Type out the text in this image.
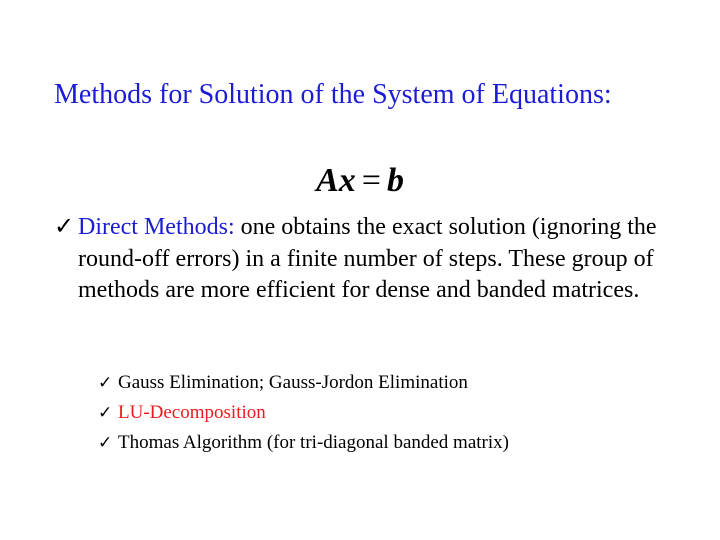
Methods for Solution of the System of Equations:
Ax = b
✓ Direct Methods: one obtains the exact solution (ignoring the round-off errors) in a finite number of steps. These group of methods are more efficient for dense and banded matrices.
✓ Gauss Elimination; Gauss-Jordon Elimination
✓ LU-Decomposition
✓ Thomas Algorithm (for tri-diagonal banded matrix)
